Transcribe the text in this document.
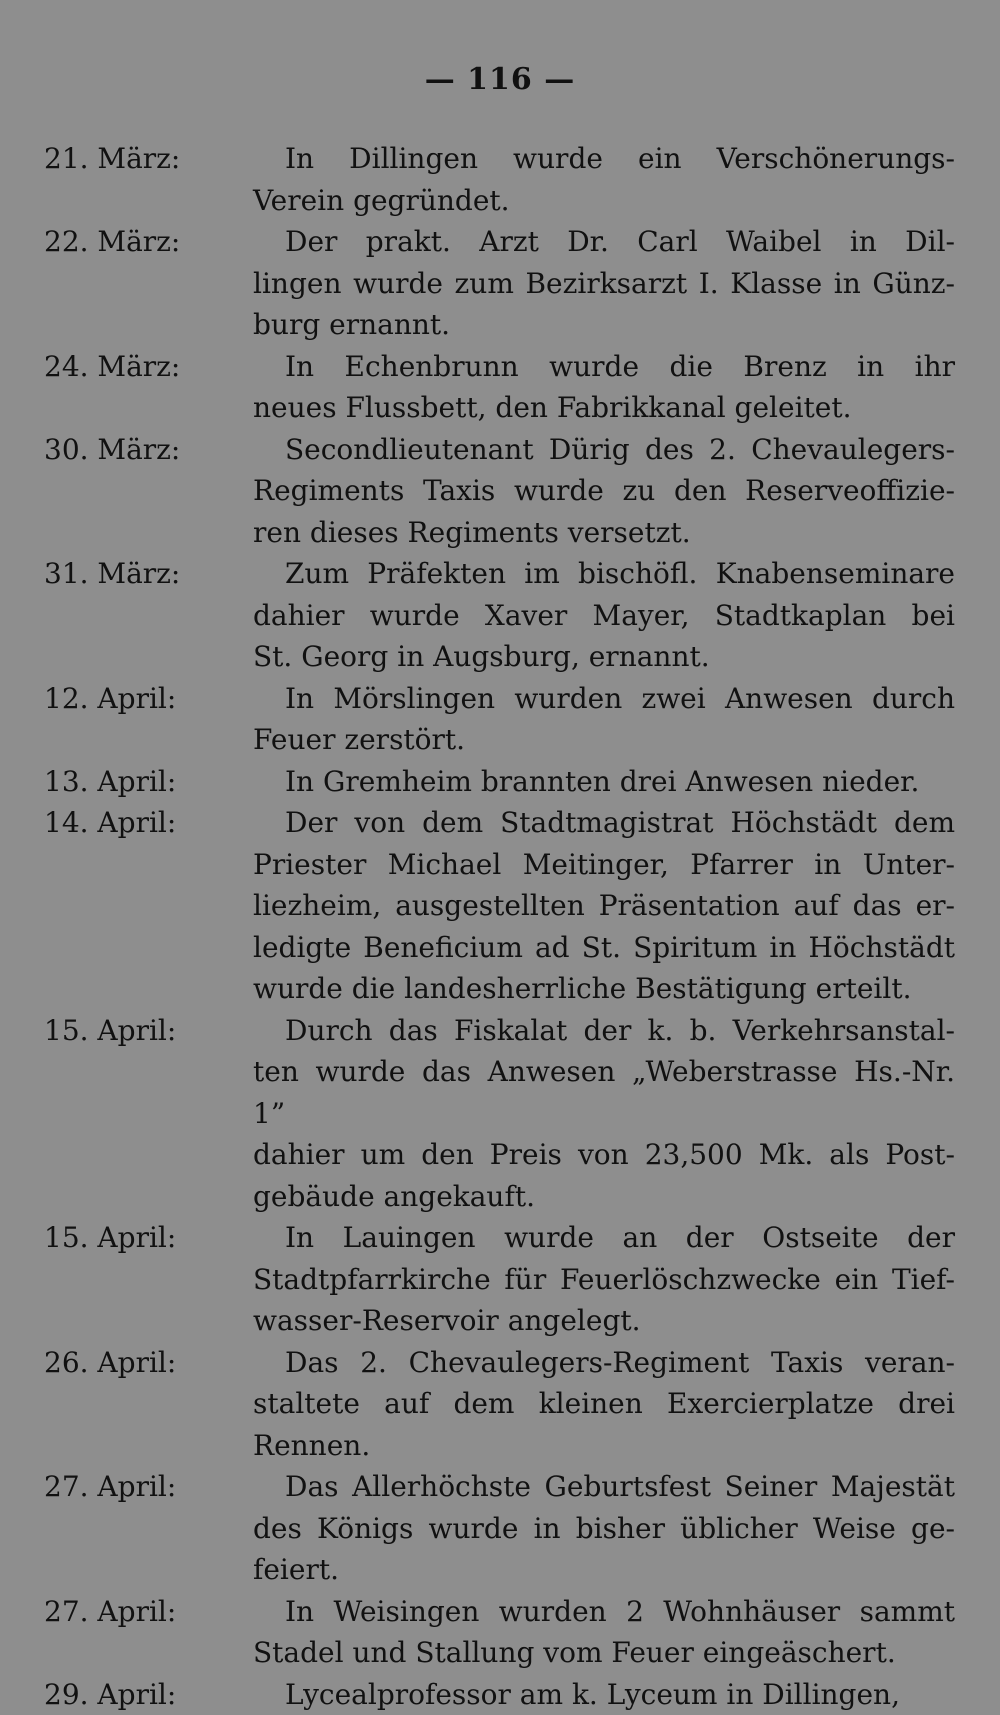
— 116 —
21. März:	In Dillingen wurde ein Verschönerungs-
Verein gegründet.
22. März:	Der prakt. Arzt Dr. Carl Waibel in Dil-
lingen wurde zum Bezirksarzt I. Klasse in Günz-
burg ernannt.
24. März:	In Echenbrunn wurde die Brenz in ihr
neues Flussbett, den Fabrikkanal geleitet.
30. März:	Secondlieutenant Dürig des 2. Chevaulegers-
Regiments Taxis wurde zu den Reserveoffizie-
ren dieses Regiments versetzt.
31. März:	Zum Präfekten im bischöfl. Knabenseminare
dahier wurde Xaver Mayer, Stadtkaplan bei
St. Georg in Augsburg, ernannt.
12. April:	In Mörslingen wurden zwei Anwesen durch
Feuer zerstört.
13. April:	In Gremheim brannten drei Anwesen nieder.
14. April:	Der von dem Stadtmagistrat Höchstädt dem
Priester Michael Meitinger, Pfarrer in Unter-
liezheim, ausgestellten Präsentation auf das er-
ledigte Beneficium ad St. Spiritum in Höchstädt
wurde die landesherrliche Bestätigung erteilt.
15. April:	Durch das Fiskalat der k. b. Verkehrsanstal-
ten wurde das Anwesen „Weberstrasse Hs.-Nr. 1”
dahier um den Preis von 23,500 Mk. als Post-
gebäude angekauft.
15. April:	In Lauingen wurde an der Ostseite der
Stadtpfarrkirche für Feuerlöschzwecke ein Tief-
wasser-Reservoir angelegt.
26. April:	Das 2. Chevaulegers-Regiment Taxis veran-
staltete auf dem kleinen Exercierplatze drei
Rennen.
27. April:	Das Allerhöchste Geburtsfest Seiner Majestät
des Königs wurde in bisher üblicher Weise ge-
feiert.
27. April:	In Weisingen wurden 2 Wohnhäuser sammt
Stadel und Stallung vom Feuer eingeäschert.
29. April:	Lycealprofessor am k. Lyceum in Dillingen,
